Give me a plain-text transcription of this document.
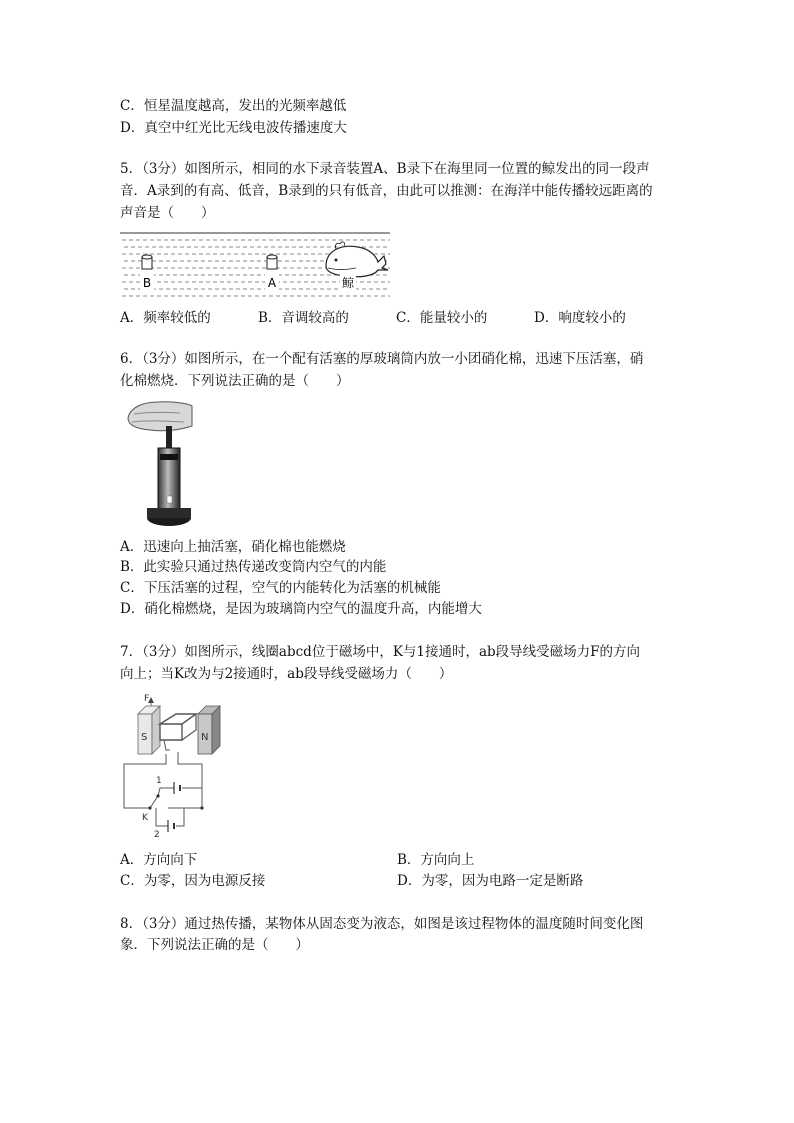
C．恒星温度越高，发出的光频率越低
D．真空中红光比无线电波传播速度大
5．（3分）如图所示，相同的水下录音装置A、B录下在海里同一位置的鲸发出的同一段声
音．A录到的有高、低音，B录到的只有低音，由此可以推测：在海洋中能传播较远距离的
声音是（　　）
B	A	鲸
A．频率较低的	B．音调较高的	C．能量较小的	D．响度较小的
6．（3分）如图所示，在一个配有活塞的厚玻璃筒内放一小团硝化棉，迅速下压活塞，硝
化棉燃烧．下列说法正确的是（　　）
A．迅速向上抽活塞，硝化棉也能燃烧
B．此实验只通过热传递改变筒内空气的内能
C．下压活塞的过程，空气的内能转化为活塞的机械能
D．硝化棉燃烧，是因为玻璃筒内空气的温度升高，内能增大
7．（3分）如图所示，线圈abcd位于磁场中，K与1接通时，ab段导线受磁场力F的方向
向上；当K改为与2接通时，ab段导线受磁场力（　　）
F
S	N
1
K
2
A．方向向下	B．方向向上
C．为零，因为电源反接	D．为零，因为电路一定是断路
8．（3分）通过热传播，某物体从固态变为液态，如图是该过程物体的温度随时间变化图
象．下列说法正确的是（　　）
